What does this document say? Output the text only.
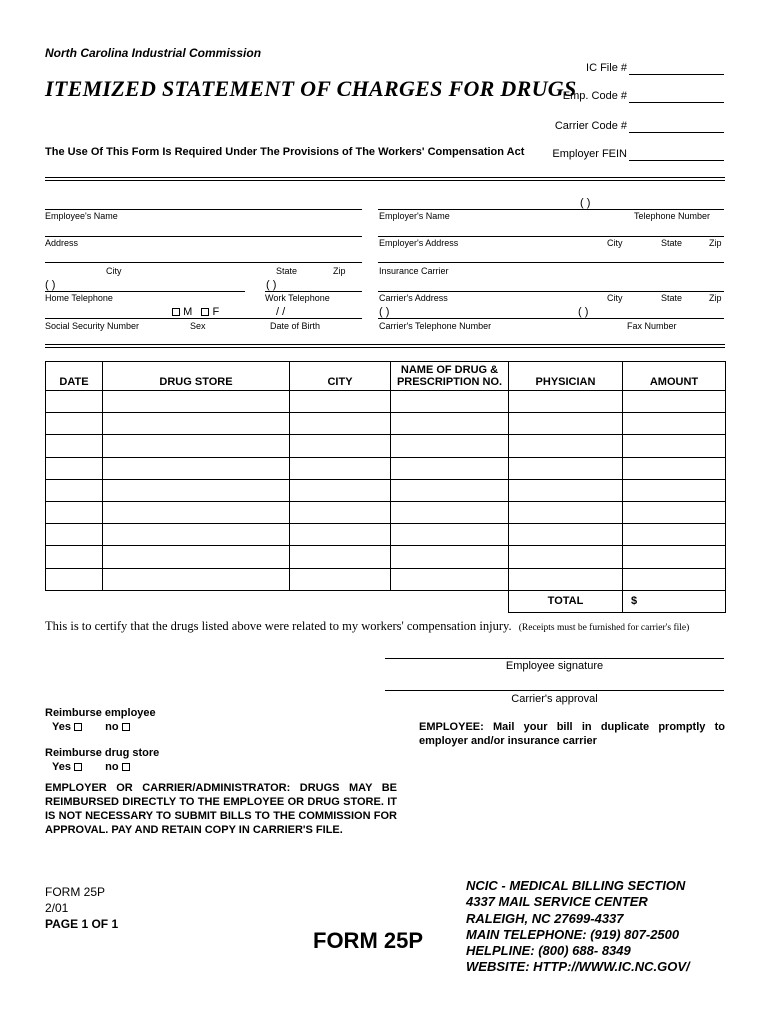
North Carolina Industrial Commission
ITEMIZED STATEMENT OF CHARGES FOR DRUGS
The Use Of This Form Is Required Under The Provisions of The Workers' Compensation Act
IC File #
Emp. Code #
Carrier Code #
Employer FEIN
Employee's Name
Address
City	State	Zip
( )	( )
Home Telephone	Work Telephone
M F	/ /
Social Security Number	Sex	Date of Birth
( )
Employer's Name	Telephone Number
Employer's Address	City	State	Zip
Insurance Carrier
Carrier's Address	City	State	Zip
( )	( )
Carrier's Telephone Number	Fax Number
DATE	DRUG STORE	CITY	NAME OF DRUG & PRESCRIPTION NO.	PHYSICIAN	AMOUNT

				TOTAL	$
This is to certify that the drugs listed above were related to my workers' compensation injury. (Receipts must be furnished for carrier's file)
Employee signature
Carrier's approval
Reimburse employee
Yes	no
Reimburse drug store
Yes	no
EMPLOYEE: Mail your bill in duplicate promptly to employer and/or insurance carrier
EMPLOYER OR CARRIER/ADMINISTRATOR: DRUGS MAY BE REIMBURSED DIRECTLY TO THE EMPLOYEE OR DRUG STORE. IT IS NOT NECESSARY TO SUBMIT BILLS TO THE COMMISSION FOR APPROVAL. PAY AND RETAIN COPY IN CARRIER'S FILE.
FORM 25P
2/01
PAGE 1 OF 1
FORM 25P
NCIC - MEDICAL BILLING SECTION
4337 MAIL SERVICE CENTER
RALEIGH, NC 27699-4337
MAIN TELEPHONE: (919) 807-2500
HELPLINE: (800) 688- 8349
WEBSITE: HTTP://WWW.IC.NC.GOV/
